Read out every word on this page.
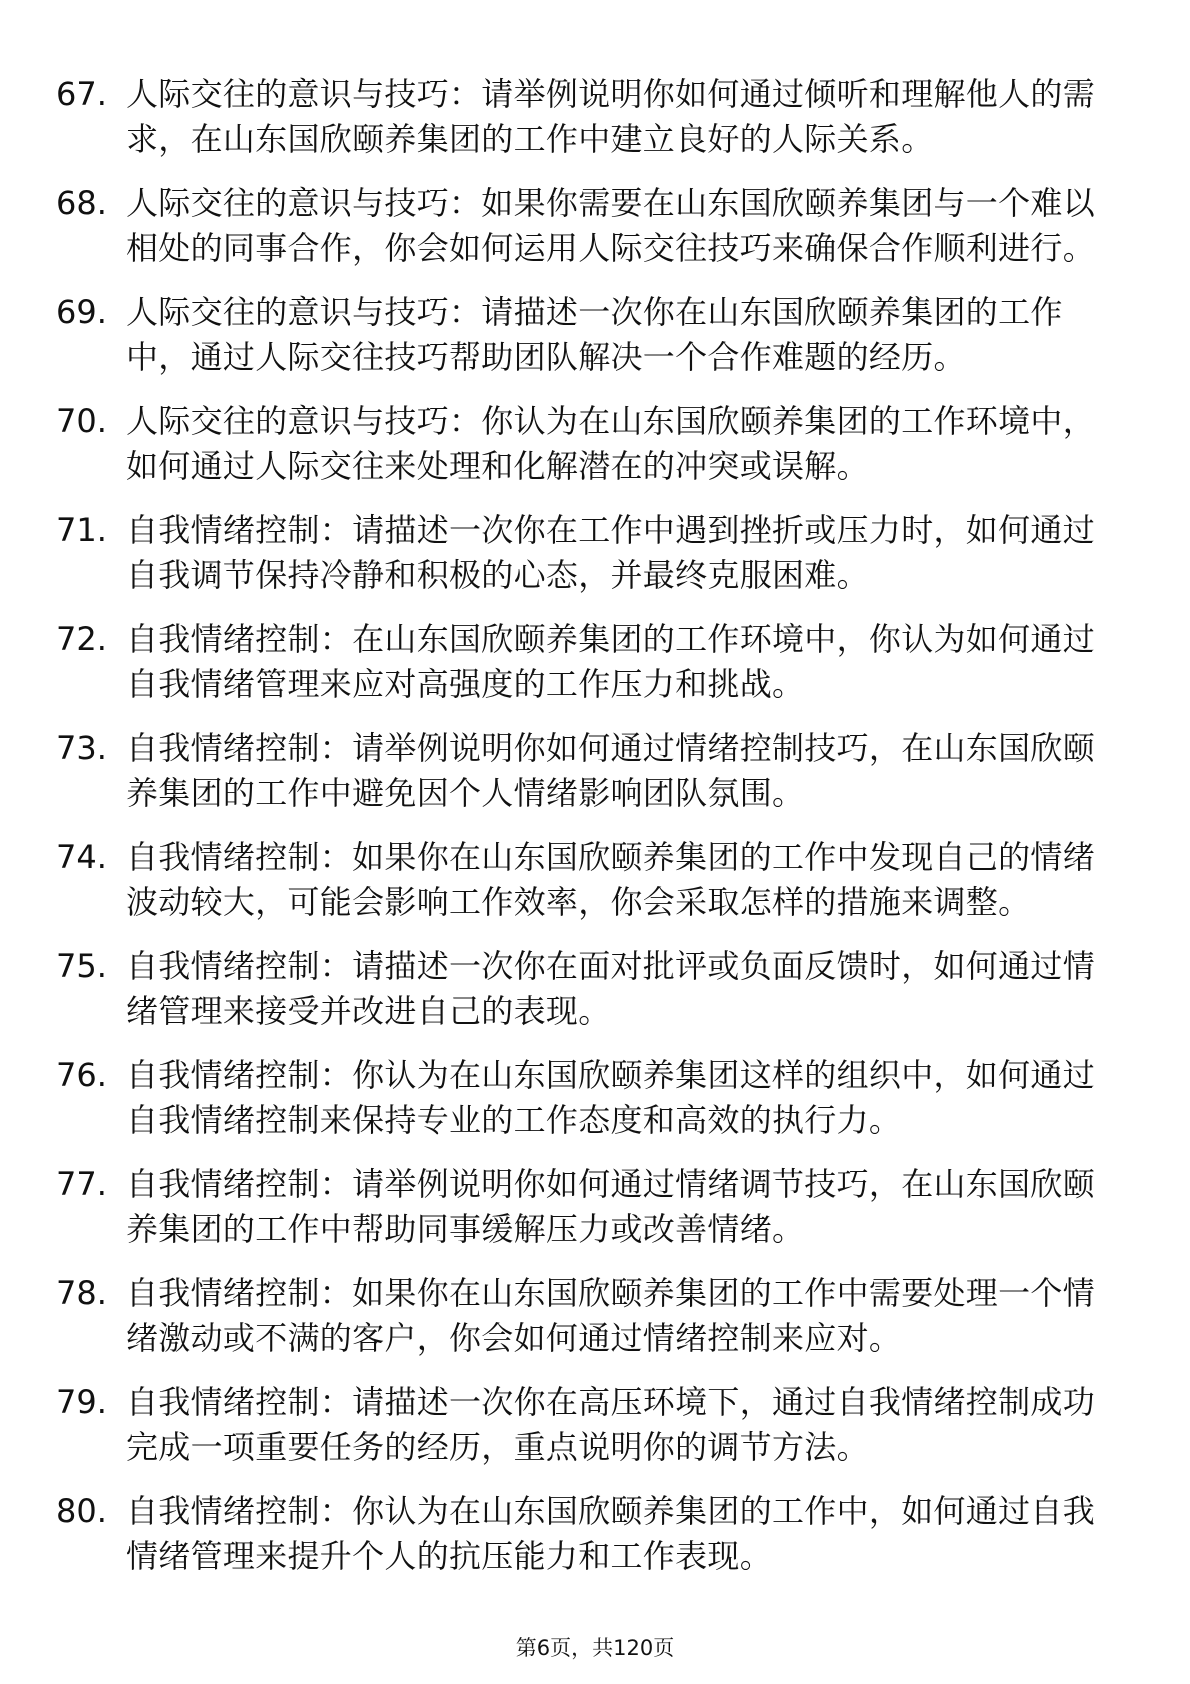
67. 人际交往的意识与技巧：请举例说明你如何通过倾听和理解他人的需求，在山东国欣颐养集团的工作中建立良好的人际关系。
68. 人际交往的意识与技巧：如果你需要在山东国欣颐养集团与一个难以相处的同事合作，你会如何运用人际交往技巧来确保合作顺利进行。
69. 人际交往的意识与技巧：请描述一次你在山东国欣颐养集团的工作中，通过人际交往技巧帮助团队解决一个合作难题的经历。
70. 人际交往的意识与技巧：你认为在山东国欣颐养集团的工作环境中，如何通过人际交往来处理和化解潜在的冲突或误解。
71. 自我情绪控制：请描述一次你在工作中遇到挫折或压力时，如何通过自我调节保持冷静和积极的心态，并最终克服困难。
72. 自我情绪控制：在山东国欣颐养集团的工作环境中，你认为如何通过自我情绪管理来应对高强度的工作压力和挑战。
73. 自我情绪控制：请举例说明你如何通过情绪控制技巧，在山东国欣颐养集团的工作中避免因个人情绪影响团队氛围。
74. 自我情绪控制：如果你在山东国欣颐养集团的工作中发现自己的情绪波动较大，可能会影响工作效率，你会采取怎样的措施来调整。
75. 自我情绪控制：请描述一次你在面对批评或负面反馈时，如何通过情绪管理来接受并改进自己的表现。
76. 自我情绪控制：你认为在山东国欣颐养集团这样的组织中，如何通过自我情绪控制来保持专业的工作态度和高效的执行力。
77. 自我情绪控制：请举例说明你如何通过情绪调节技巧，在山东国欣颐养集团的工作中帮助同事缓解压力或改善情绪。
78. 自我情绪控制：如果你在山东国欣颐养集团的工作中需要处理一个情绪激动或不满的客户，你会如何通过情绪控制来应对。
79. 自我情绪控制：请描述一次你在高压环境下，通过自我情绪控制成功完成一项重要任务的经历，重点说明你的调节方法。
80. 自我情绪控制：你认为在山东国欣颐养集团的工作中，如何通过自我情绪管理来提升个人的抗压能力和工作表现。
第6页，共120页
